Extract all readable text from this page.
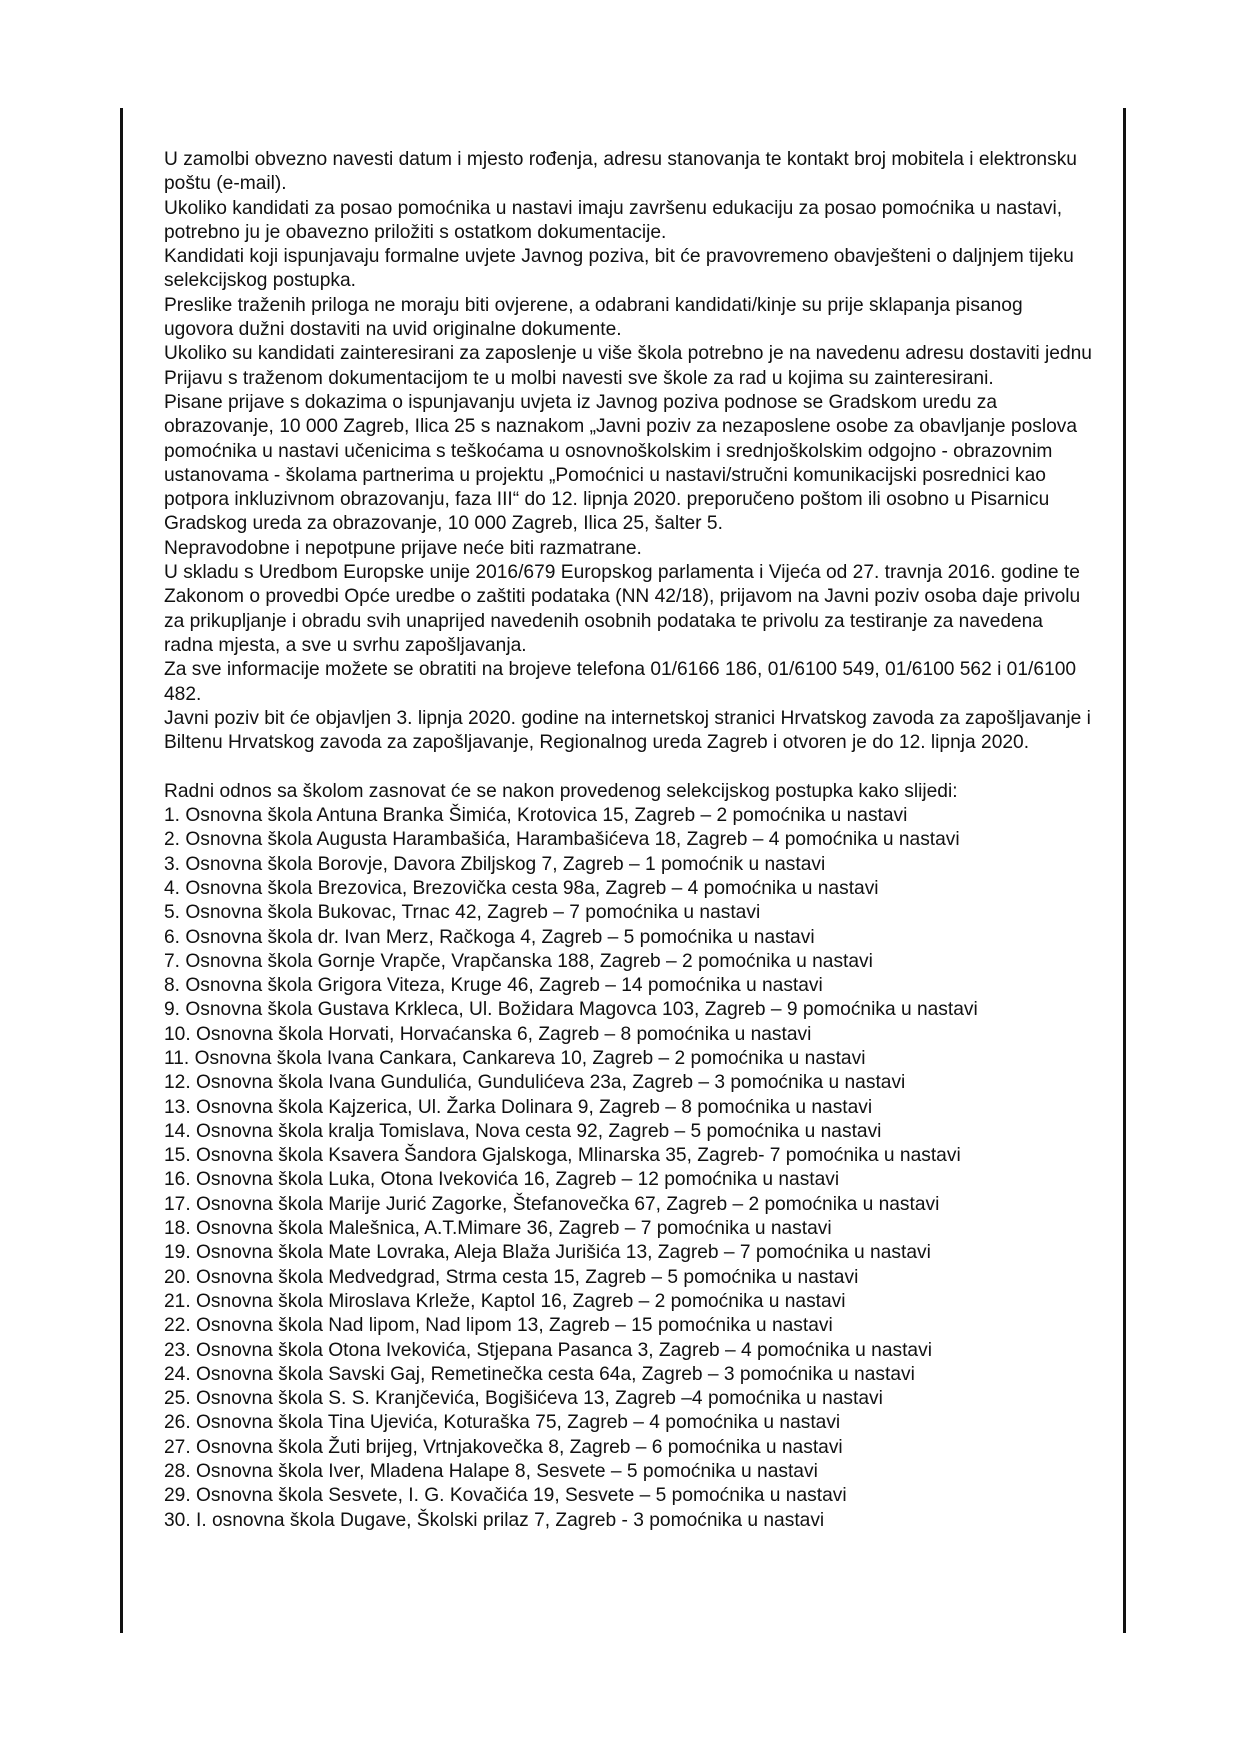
U zamolbi obvezno navesti datum i mjesto rođenja, adresu stanovanja te kontakt broj mobitela i elektronsku poštu (e-mail).

Ukoliko kandidati za posao pomoćnika u nastavi imaju završenu edukaciju za posao pomoćnika u nastavi, potrebno ju je obavezno priložiti s ostatkom dokumentacije.

Kandidati koji ispunjavaju formalne uvjete Javnog poziva, bit će pravovremeno obavješteni o daljnjem tijeku selekcijskog postupka.

Preslike traženih priloga ne moraju biti ovjerene, a odabrani kandidati/kinje su prije sklapanja pisanog ugovora dužni dostaviti na uvid originalne dokumente.

Ukoliko su kandidati zainteresirani za zaposlenje u više škola potrebno je na navedenu adresu dostaviti jednu Prijavu s traženom dokumentacijom te u molbi navesti sve škole za rad u kojima su zainteresirani.

Pisane prijave s dokazima o ispunjavanju uvjeta iz Javnog poziva podnose se Gradskom uredu za obrazovanje, 10 000 Zagreb, Ilica 25 s naznakom „Javni poziv za nezaposlene osobe za obavljanje poslova pomoćnika u nastavi učenicima s teškoćama u osnovnoškolskim i srednjoškolskim odgojno - obrazovnim ustanovama - školama partnerima u projektu „Pomoćnici u nastavi/stručni komunikacijski posrednici kao potpora inkluzivnom obrazovanju, faza III“ do 12. lipnja 2020. preporučeno poštom ili osobno u Pisarnicu Gradskog ureda za obrazovanje, 10 000 Zagreb, Ilica 25, šalter 5.

Nepravodobne i nepotpune prijave neće biti razmatrane.

U skladu s Uredbom Europske unije 2016/679 Europskog parlamenta i Vijeća od 27. travnja 2016. godine te Zakonom o provedbi Opće uredbe o zaštiti podataka (NN 42/18), prijavom na Javni poziv osoba daje privolu za prikupljanje i obradu svih unaprijed navedenih osobnih podataka te privolu za testiranje za navedena radna mjesta, a sve u svrhu zapošljavanja.

Za sve informacije možete se obratiti na brojeve telefona 01/6166 186, 01/6100 549, 01/6100 562 i 01/6100 482.

Javni poziv bit će objavljen 3. lipnja 2020. godine na internetskoj stranici Hrvatskog zavoda za zapošljavanje i Biltenu Hrvatskog zavoda za zapošljavanje, Regionalnog ureda Zagreb i otvoren je do 12. lipnja 2020.

Radni odnos sa školom zasnovat će se nakon provedenog selekcijskog postupka kako slijedi:

1. Osnovna škola Antuna Branka Šimića, Krotovica 15, Zagreb – 2 pomoćnika u nastavi
2. Osnovna škola Augusta Harambašića, Harambašićeva 18, Zagreb – 4 pomoćnika u nastavi
3. Osnovna škola Borovje, Davora Zbiljskog 7, Zagreb – 1 pomoćnik u nastavi
4. Osnovna škola Brezovica, Brezovička cesta 98a, Zagreb – 4 pomoćnika u nastavi
5. Osnovna škola Bukovac, Trnac 42, Zagreb – 7 pomoćnika u nastavi
6. Osnovna škola dr. Ivan Merz, Račkoga 4, Zagreb – 5 pomoćnika u nastavi
7. Osnovna škola Gornje Vrapče, Vrapčanska 188, Zagreb – 2 pomoćnika u nastavi
8. Osnovna škola Grigora Viteza, Kruge 46, Zagreb – 14 pomoćnika u nastavi
9. Osnovna škola Gustava Krkleca, Ul. Božidara Magovca 103, Zagreb – 9 pomoćnika u nastavi
10. Osnovna škola Horvati, Horvaćanska 6, Zagreb – 8 pomoćnika u nastavi
11. Osnovna škola Ivana Cankara, Cankareva 10, Zagreb – 2 pomoćnika u nastavi
12. Osnovna škola Ivana Gundulića, Gundulićeva 23a, Zagreb – 3 pomoćnika u nastavi
13. Osnovna škola Kajzerica, Ul. Žarka Dolinara 9, Zagreb – 8 pomoćnika u nastavi
14. Osnovna škola kralja Tomislava, Nova cesta 92, Zagreb – 5 pomoćnika u nastavi
15. Osnovna škola Ksavera Šandora Gjalskoga, Mlinarska 35, Zagreb- 7 pomoćnika u nastavi
16. Osnovna škola Luka, Otona Ivekovića 16, Zagreb – 12 pomoćnika u nastavi
17. Osnovna škola Marije Jurić Zagorke, Štefanovečka 67, Zagreb – 2 pomoćnika u nastavi
18. Osnovna škola Malešnica, A.T.Mimare 36, Zagreb – 7 pomoćnika u nastavi
19. Osnovna škola Mate Lovraka, Aleja Blaža Jurišića 13, Zagreb – 7 pomoćnika u nastavi
20. Osnovna škola Medvedgrad, Strma cesta 15, Zagreb – 5 pomoćnika u nastavi
21. Osnovna škola Miroslava Krleže, Kaptol 16, Zagreb – 2 pomoćnika u nastavi
22. Osnovna škola Nad lipom, Nad lipom 13, Zagreb – 15 pomoćnika u nastavi
23. Osnovna škola Otona Ivekovića, Stjepana Pasanca 3, Zagreb – 4 pomoćnika u nastavi
24. Osnovna škola Savski Gaj, Remetinečka cesta 64a, Zagreb – 3 pomoćnika u nastavi
25. Osnovna škola S. S. Kranjčevića, Bogišićeva 13, Zagreb –4 pomoćnika u nastavi
26. Osnovna škola Tina Ujevića, Koturaška 75, Zagreb – 4 pomoćnika u nastavi
27. Osnovna škola Žuti brijeg, Vrtnjakovečka 8, Zagreb – 6 pomoćnika u nastavi
28. Osnovna škola Iver, Mladena Halape 8, Sesvete – 5 pomoćnika u nastavi
29. Osnovna škola Sesvete, I. G. Kovačića 19, Sesvete – 5 pomoćnika u nastavi
30. I. osnovna škola Dugave, Školski prilaz 7, Zagreb - 3 pomoćnika u nastavi
